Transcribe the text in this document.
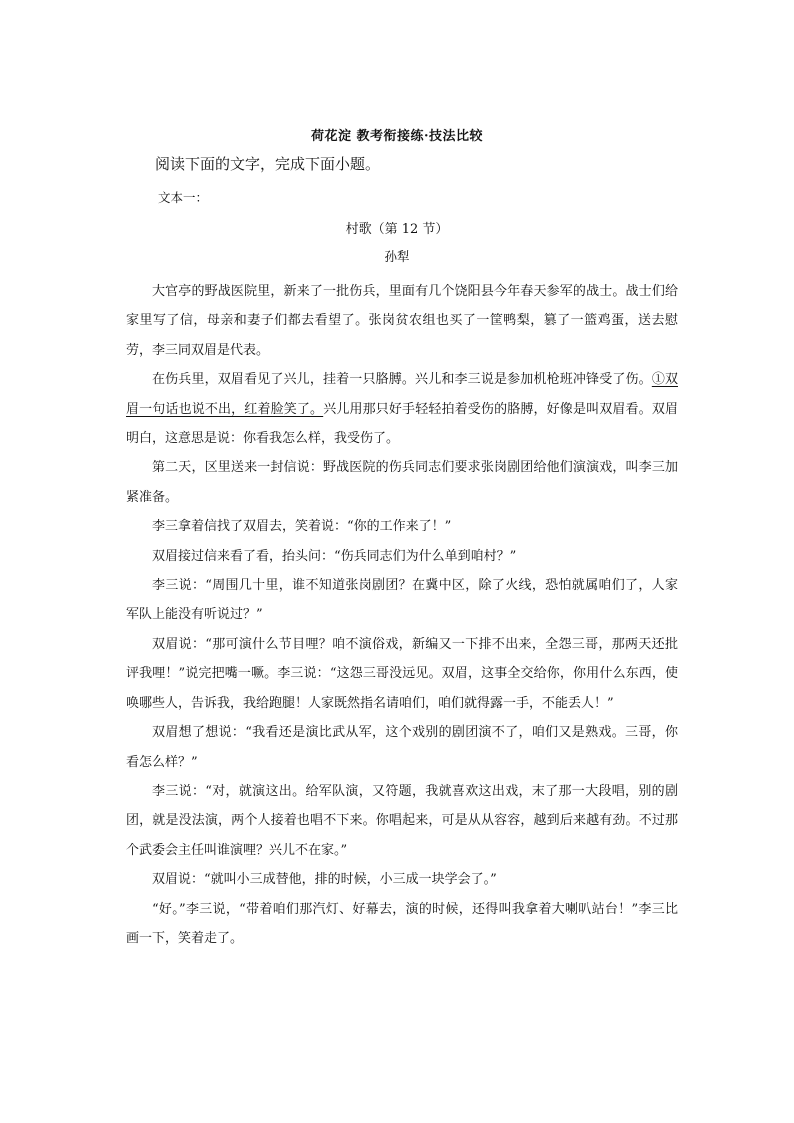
荷花淀 教考衔接练·技法比较
阅读下面的文字，完成下面小题。
文本一：
村歌（第 12 节）
孙犁

大官亭的野战医院里，新来了一批伤兵，里面有几个饶阳县今年春天参军的战士。战士们给家里写了信，母亲和妻子们都去看望了。张岗贫农组也买了一筐鸭梨，篡了一篮鸡蛋，送去慰劳，李三同双眉是代表。

在伤兵里，双眉看见了兴儿，挂着一只胳膊。兴儿和李三说是参加机枪班冲锋受了伤。①双眉一句话也说不出，红着脸笑了。兴儿用那只好手轻轻拍着受伤的胳膊，好像是叫双眉看。双眉明白，这意思是说：你看我怎么样，我受伤了。

第二天，区里送来一封信说：野战医院的伤兵同志们要求张岗剧团给他们演演戏，叫李三加紧准备。

李三拿着信找了双眉去，笑着说：“你的工作来了！”

双眉接过信来看了看，抬头问：“伤兵同志们为什么单到咱村？”

李三说：“周围几十里，谁不知道张岗剧团？在冀中区，除了火线，恐怕就属咱们了，人家军队上能没有听说过？”

双眉说：“那可演什么节目哩？咱不演俗戏，新编又一下排不出来，全怨三哥，那两天还批评我哩！”说完把嘴一噘。李三说：“这怨三哥没远见。双眉，这事全交给你，你用什么东西，使唤哪些人，告诉我，我给跑腿！人家既然指名请咱们，咱们就得露一手，不能丢人！”

双眉想了想说：“我看还是演比武从军，这个戏别的剧团演不了，咱们又是熟戏。三哥，你看怎么样？”

李三说：“对，就演这出。给军队演，又符题，我就喜欢这出戏，末了那一大段唱，别的剧团，就是没法演，两个人接着也唱不下来。你唱起来，可是从从容容，越到后来越有劲。不过那个武委会主任叫谁演哩？兴儿不在家。”

双眉说：“就叫小三成替他，排的时候，小三成一块学会了。”

“好。”李三说，“带着咱们那汽灯、好幕去，演的时候，还得叫我拿着大喇叭站台！”李三比画一下，笑着走了。
